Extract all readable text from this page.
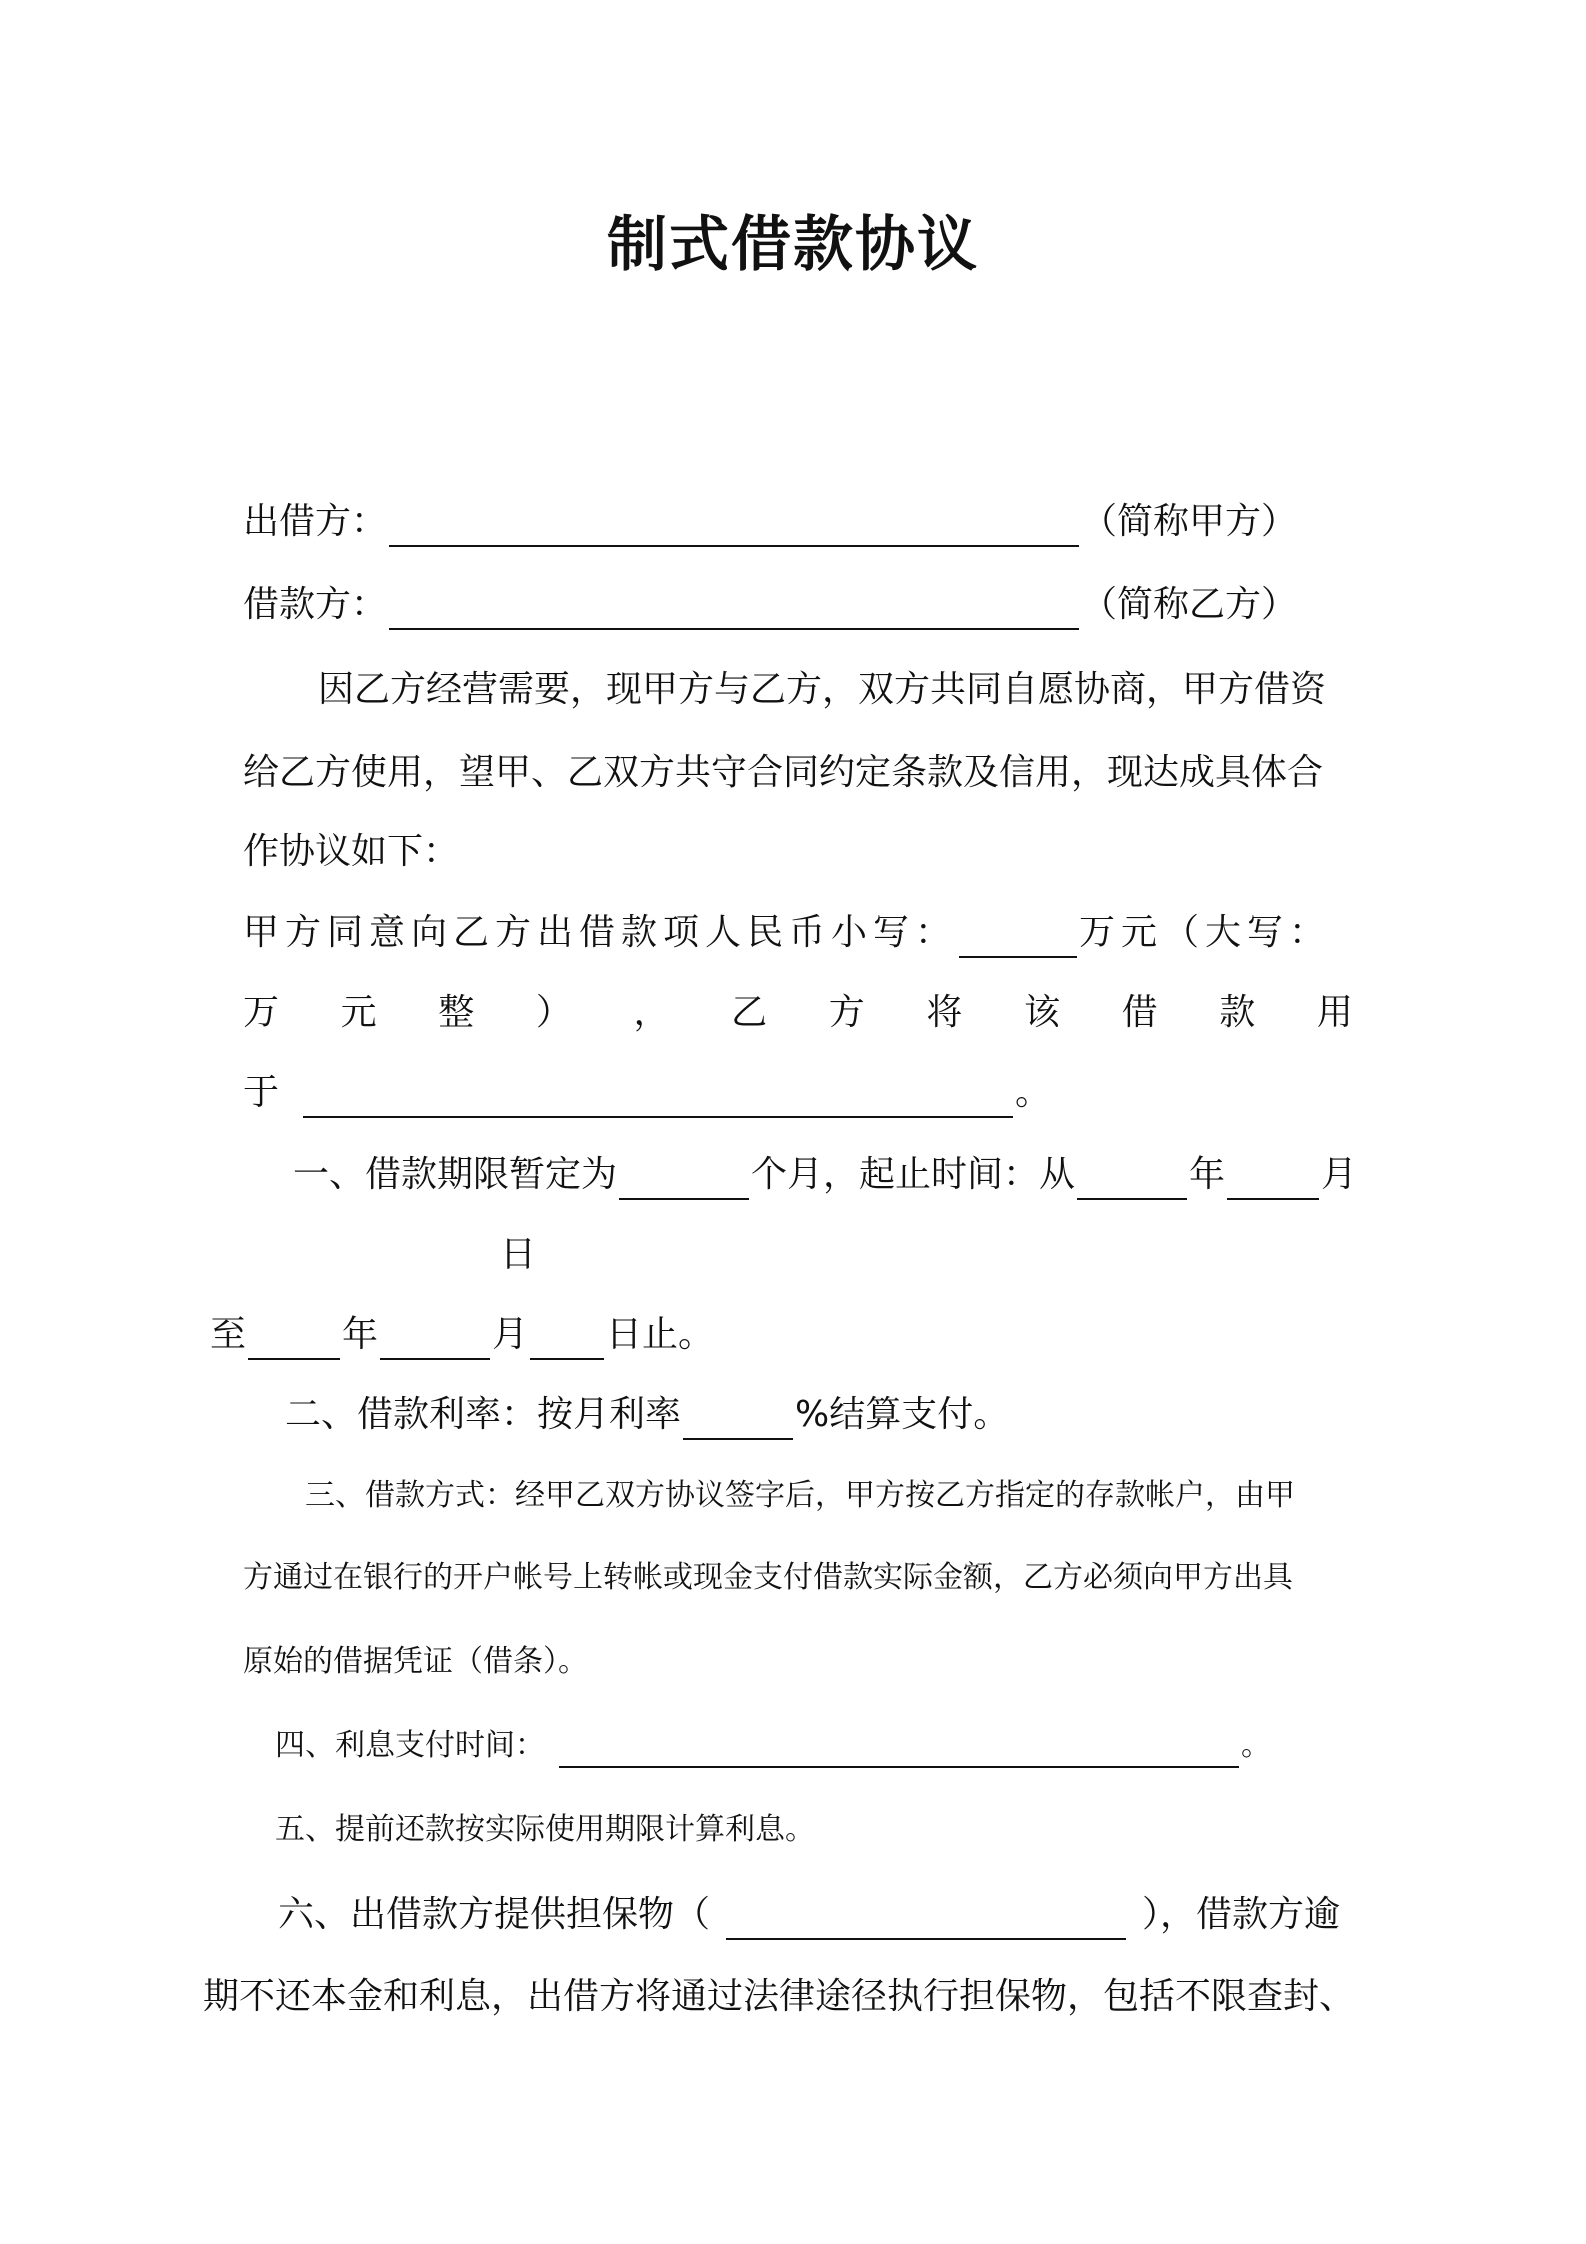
制式借款协议
出借方：	（简称甲方）
借款方：	（简称乙方）
因乙方经营需要，现甲方与乙方，双方共同自愿协商，甲方借资
给乙方使用，望甲、乙双方共守合同约定条款及信用，现达成具体合
作协议如下：
甲方同意向乙方出借款项人民币小写：	万元（大写：
万 元 整 ） ， 乙 方 将 该 借 款 用
于	。
一、借款期限暂定为	个月，起止时间：从	年	月
日
至	年	月 日止。
二、借款利率：按月利率	%结算支付。
三、借款方式：经甲乙双方协议签字后，甲方按乙方指定的存款帐户，由甲
方通过在银行的开户帐号上转帐或现金支付借款实际金额，乙方必须向甲方出具
原始的借据凭证（借条）。
四、利息支付时间：	。
五、提前还款按实际使用期限计算利息。
六、出借款方提供担保物（	），借款方逾
期不还本金和利息，出借方将通过法律途径执行担保物，包括不限查封、
